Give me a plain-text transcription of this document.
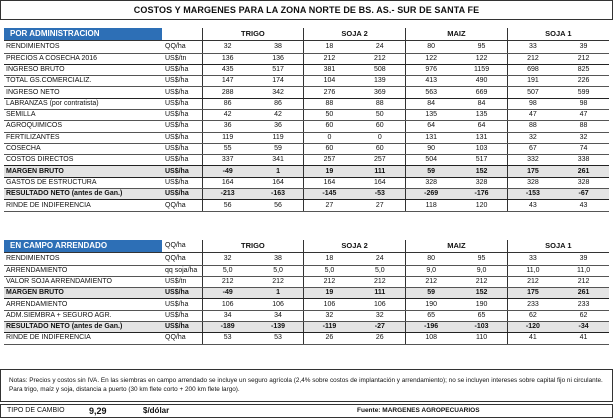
COSTOS Y MARGENES PARA LA ZONA NORTE DE BS. AS.- SUR DE SANTA FE
POR ADMINISTRACION		TRIGO		SOJA 2		MAIZ		SOJA 1	
RENDIMIENTOS	QQ/ha	32	38	18	24	80	95	33	39
PRECIOS A COSECHA 2016	US$/tn	136	136	212	212	122	122	212	212
INGRESO BRUTO	US$/ha	435	517	381	508	976	1159	698	825
TOTAL GS.COMERCIALIZ.	US$/ha	147	174	104	139	413	490	191	226
INGRESO NETO	US$/ha	288	342	276	369	563	669	507	599
LABRANZAS (por contratista)	US$/ha	86	86	88	88	84	84	98	98
SEMILLA	US$/ha	42	42	50	50	135	135	47	47
AGROQUIMICOS	US$/ha	36	36	60	60	64	64	88	88
FERTILIZANTES	US$/ha	119	119	0	0	131	131	32	32
COSECHA	US$/ha	55	59	60	60	90	103	67	74
COSTOS DIRECTOS	US$/ha	337	341	257	257	504	517	332	338
MARGEN BRUTO	US$/ha	-49	1	19	111	59	152	175	261
GASTOS DE ESTRUCTURA	US$/ha	164	164	164	164	328	328	328	328
RESULTADO NETO (antes de Gan.)	US$/ha	-213	-163	-145	-53	-269	-176	-153	-67
RINDE DE INDIFERENCIA	QQ/ha	56	56	27	27	118	120	43	43
EN CAMPO ARRENDADO	QQ/ha	TRIGO		SOJA 2		MAIZ		SOJA 1	
RENDIMIENTOS	QQ/ha	32	38	18	24	80	95	33	39
ARRENDAMIENTO	qq soja/ha	5,0	5,0	5,0	5,0	9,0	9,0	11,0	11,0
VALOR SOJA ARRENDAMIENTO	US$/tn	212	212	212	212	212	212	212	212
MARGEN BRUTO	US$/ha	-49	1	19	111	59	152	175	261
ARRENDAMIENTO	US$/ha	106	106	106	106	190	190	233	233
ADM.SIEMBRA + SEGURO AGR.	US$/ha	34	34	32	32	65	65	62	62
RESULTADO NETO (antes de Gan.)	US$/ha	-189	-139	-119	-27	-196	-103	-120	-34
RINDE DE INDIFERENCIA	QQ/ha	53	53	26	26	108	110	41	41
Notas: Precios y costos sin IVA. En las siembras en campo arrendado se incluye un seguro agrícola (2,4% sobre costos de implantación y arrendamiento); no se incluyen intereses sobre capital fijo ni circulante. Para trigo, maíz y soja, distancia a puerto (30 km flete corto + 200 km flete largo).
TIPO DE CAMBIO	9,29	$/dólar	Fuente: MARGENES AGROPECUARIOS
